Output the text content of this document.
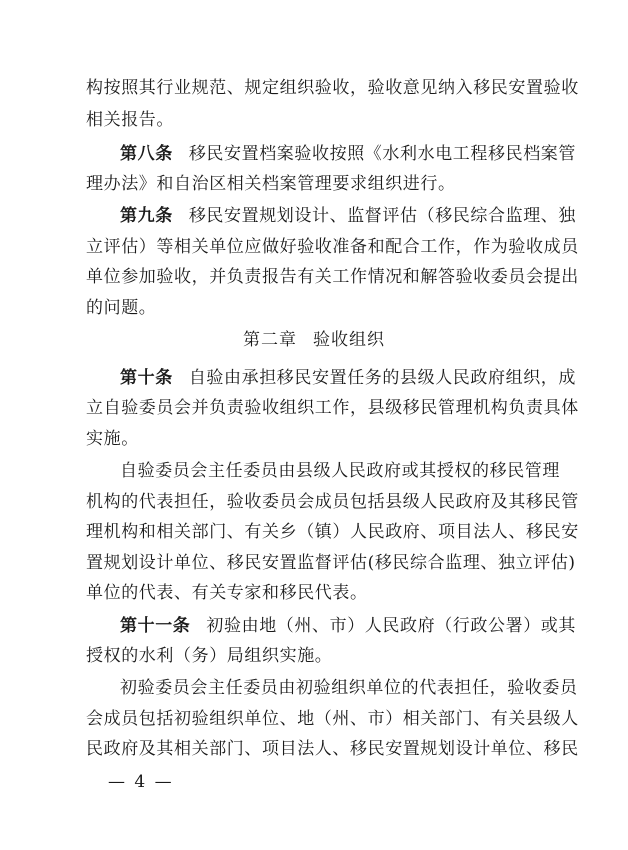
构按照其行业规范、规定组织验收，验收意见纳入移民安置验收
相关报告。
第八条 移民安置档案验收按照《水利水电工程移民档案管
理办法》和自治区相关档案管理要求组织进行。
第九条 移民安置规划设计、监督评估（移民综合监理、独
立评估）等相关单位应做好验收准备和配合工作，作为验收成员
单位参加验收，并负责报告有关工作情况和解答验收委员会提出
的问题。
第二章 验收组织
第十条 自验由承担移民安置任务的县级人民政府组织，成
立自验委员会并负责验收组织工作，县级移民管理机构负责具体
实施。
自验委员会主任委员由县级人民政府或其授权的移民管理
机构的代表担任，验收委员会成员包括县级人民政府及其移民管
理机构和相关部门、有关乡（镇）人民政府、项目法人、移民安
置规划设计单位、移民安置监督评估(移民综合监理、独立评估)
单位的代表、有关专家和移民代表。
第十一条 初验由地（州、市）人民政府（行政公署）或其
授权的水利（务）局组织实施。
初验委员会主任委员由初验组织单位的代表担任，验收委员
会成员包括初验组织单位、地（州、市）相关部门、有关县级人
民政府及其相关部门、项目法人、移民安置规划设计单位、移民
— 4 —
